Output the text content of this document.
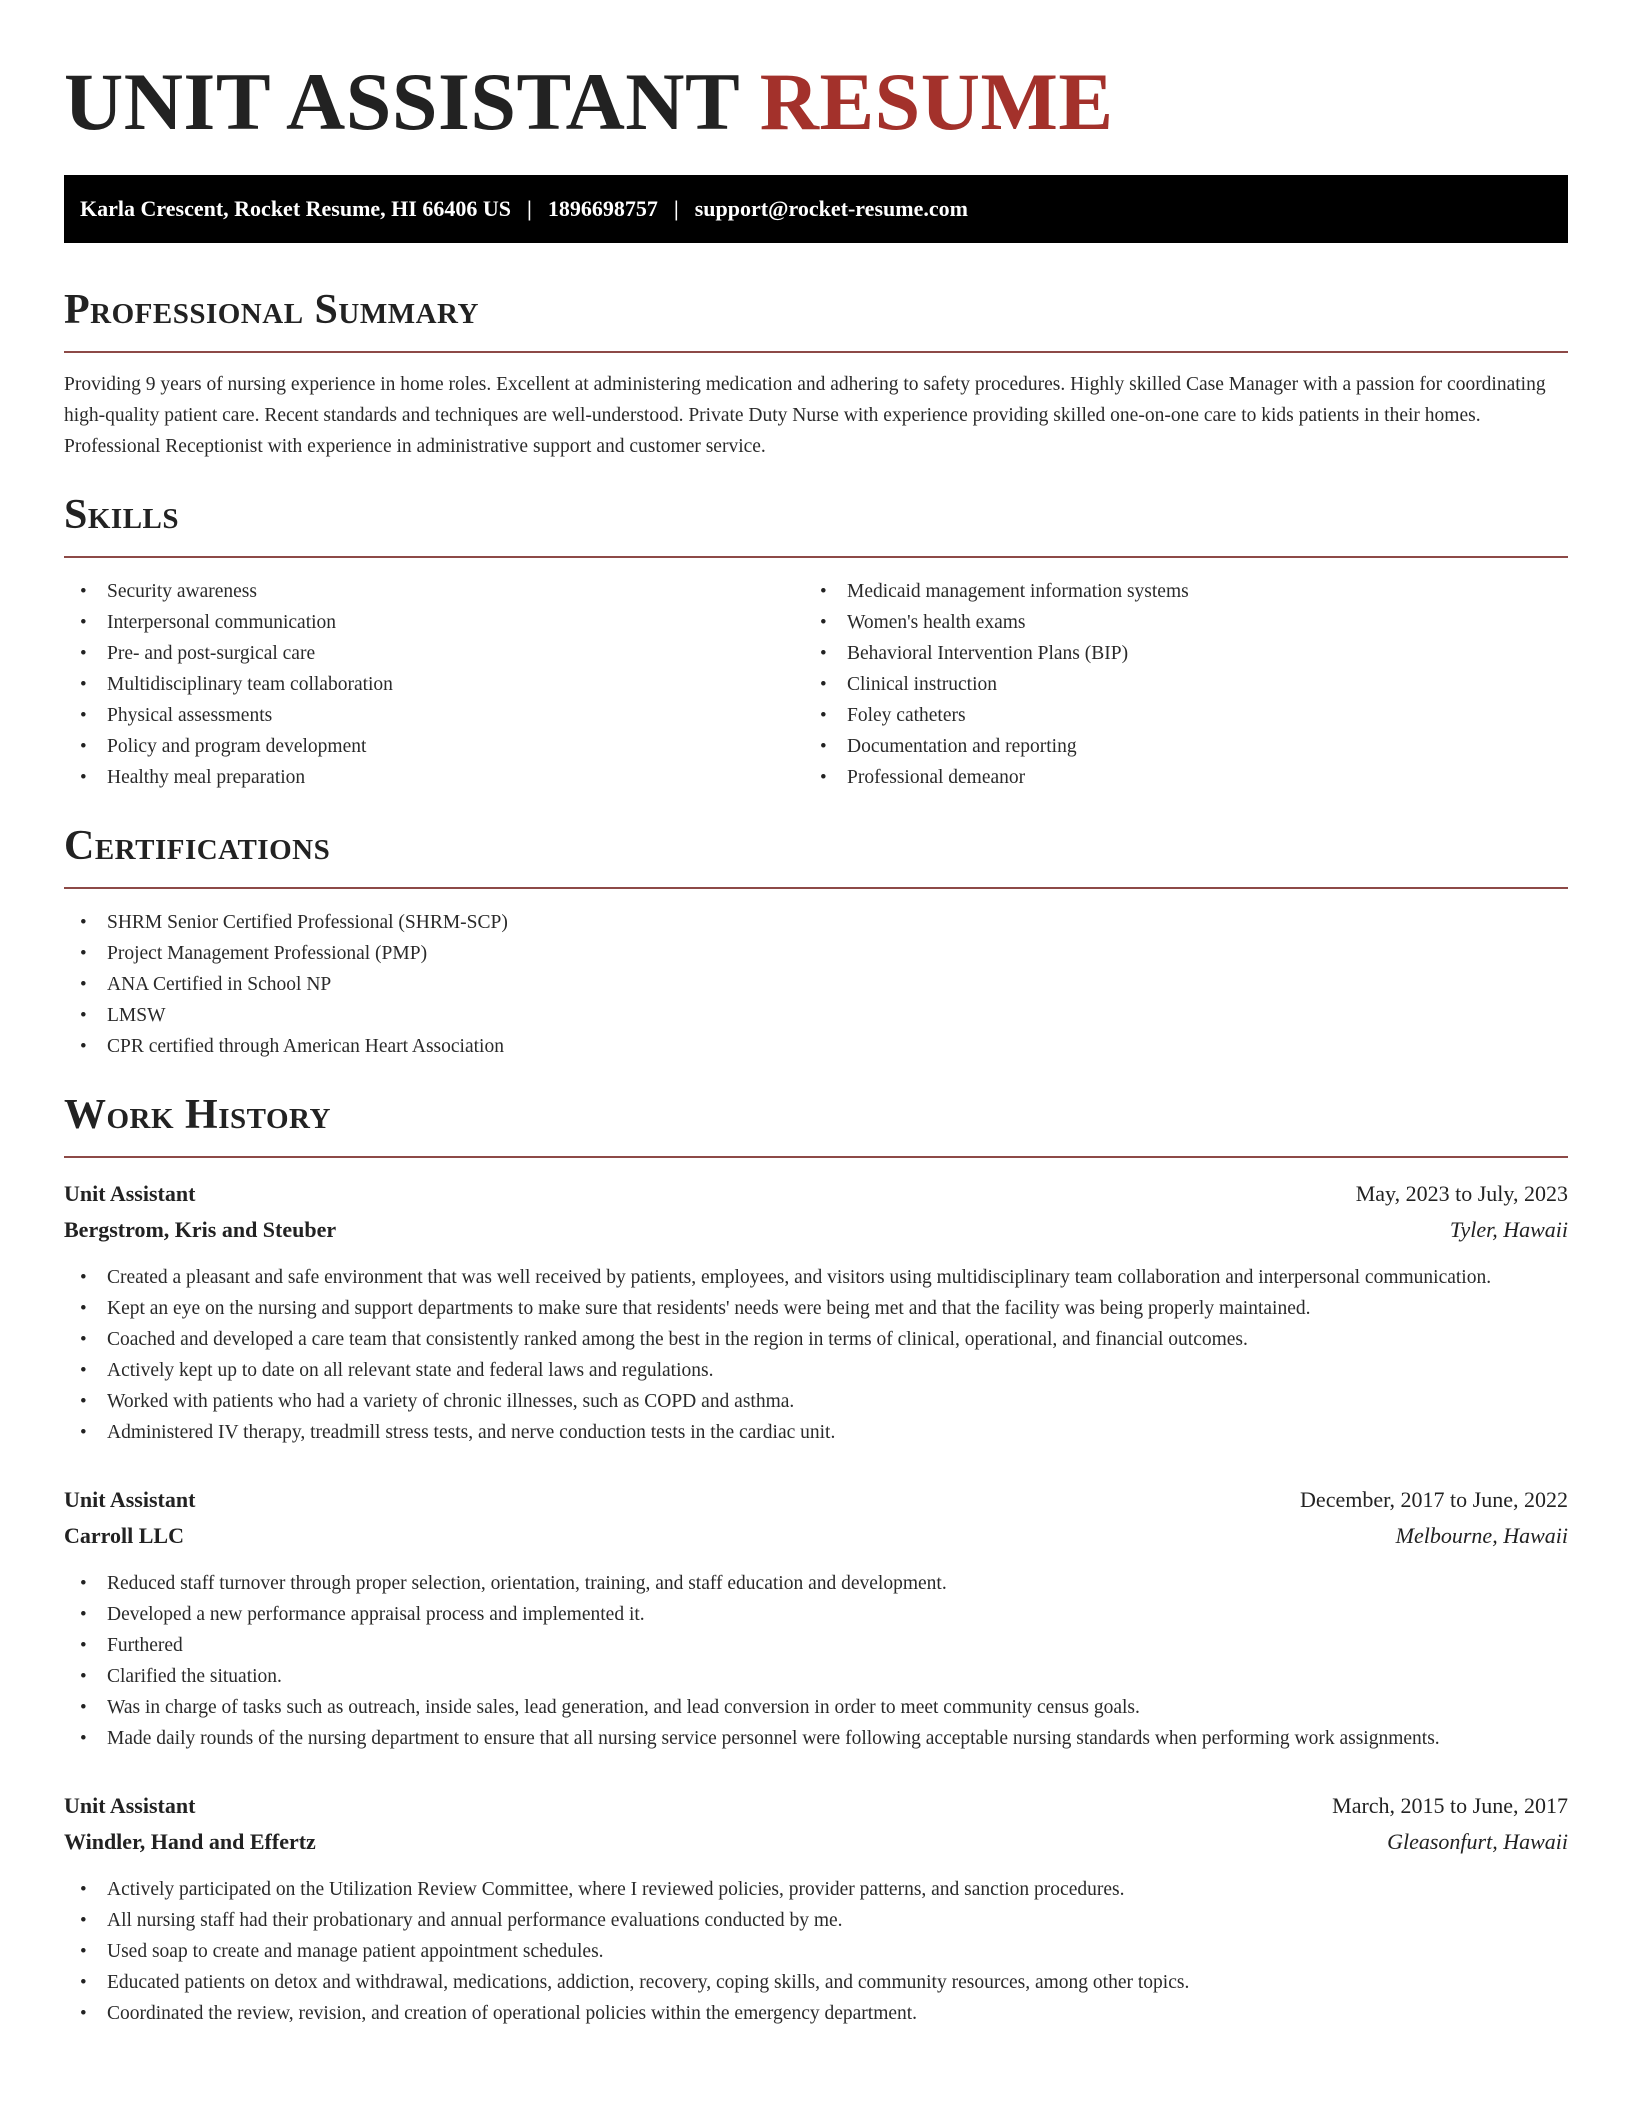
UNIT ASSISTANT RESUME
Karla Crescent, Rocket Resume, HI 66406 US | 1896698757 | support@rocket-resume.com
Professional Summary

Providing 9 years of nursing experience in home roles. Excellent at administering medication and adhering to safety procedures. Highly skilled Case Manager with a passion for coordinating high-quality patient care. Recent standards and techniques are well-understood. Private Duty Nurse with experience providing skilled one-on-one care to kids patients in their homes. Professional Receptionist with experience in administrative support and customer service.

Skills
• Security awareness
• Interpersonal communication
• Pre- and post-surgical care
• Multidisciplinary team collaboration
• Physical assessments
• Policy and program development
• Healthy meal preparation
• Medicaid management information systems
• Women's health exams
• Behavioral Intervention Plans (BIP)
• Clinical instruction
• Foley catheters
• Documentation and reporting
• Professional demeanor
Certifications
• SHRM Senior Certified Professional (SHRM-SCP)
• Project Management Professional (PMP)
• ANA Certified in School NP
• LMSW
• CPR certified through American Heart Association
Work History
Unit Assistant	May, 2023 to July, 2023
Bergstrom, Kris and Steuber	Tyler, Hawaii
• Created a pleasant and safe environment that was well received by patients, employees, and visitors using multidisciplinary team collaboration and interpersonal communication.
• Kept an eye on the nursing and support departments to make sure that residents' needs were being met and that the facility was being properly maintained.
• Coached and developed a care team that consistently ranked among the best in the region in terms of clinical, operational, and financial outcomes.
• Actively kept up to date on all relevant state and federal laws and regulations.
• Worked with patients who had a variety of chronic illnesses, such as COPD and asthma.
• Administered IV therapy, treadmill stress tests, and nerve conduction tests in the cardiac unit.
Unit Assistant	December, 2017 to June, 2022
Carroll LLC	Melbourne, Hawaii
• Reduced staff turnover through proper selection, orientation, training, and staff education and development.
• Developed a new performance appraisal process and implemented it.
• Furthered
• Clarified the situation.
• Was in charge of tasks such as outreach, inside sales, lead generation, and lead conversion in order to meet community census goals.
• Made daily rounds of the nursing department to ensure that all nursing service personnel were following acceptable nursing standards when performing work assignments.
Unit Assistant	March, 2015 to June, 2017
Windler, Hand and Effertz	Gleasonfurt, Hawaii
• Actively participated on the Utilization Review Committee, where I reviewed policies, provider patterns, and sanction procedures.
• All nursing staff had their probationary and annual performance evaluations conducted by me.
• Used soap to create and manage patient appointment schedules.
• Educated patients on detox and withdrawal, medications, addiction, recovery, coping skills, and community resources, among other topics.
• Coordinated the review, revision, and creation of operational policies within the emergency department.
